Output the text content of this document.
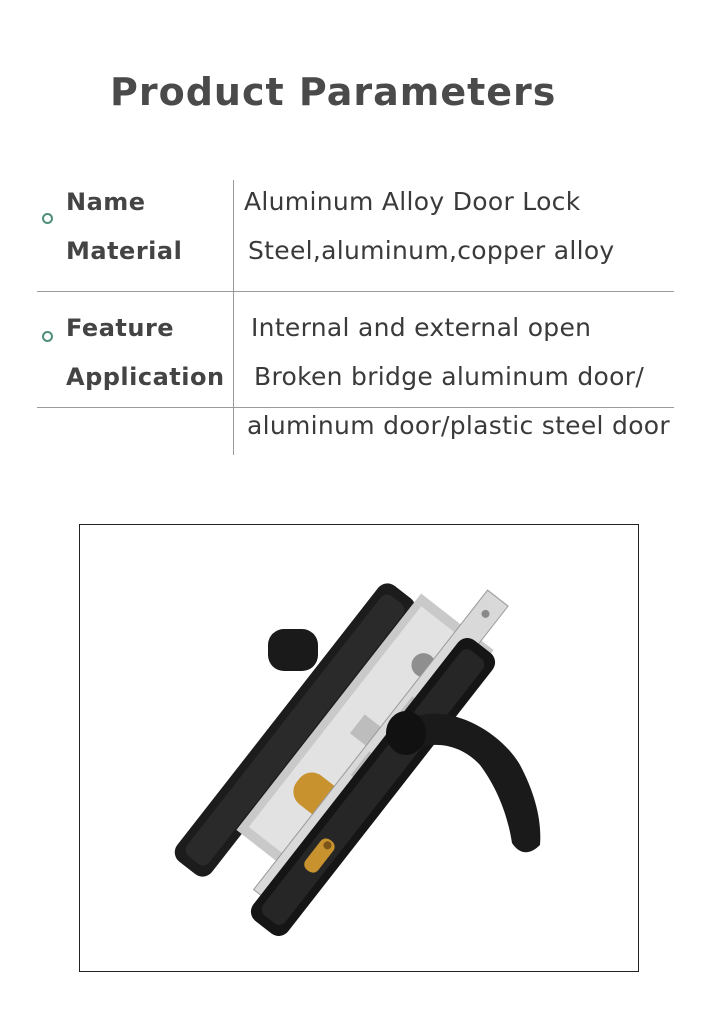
Product Parameters
Name	Aluminum Alloy Door Lock
Material	Steel,aluminum,copper alloy
Feature	Internal and external open
Application Broken bridge aluminum door/
aluminum door/plastic steel door
